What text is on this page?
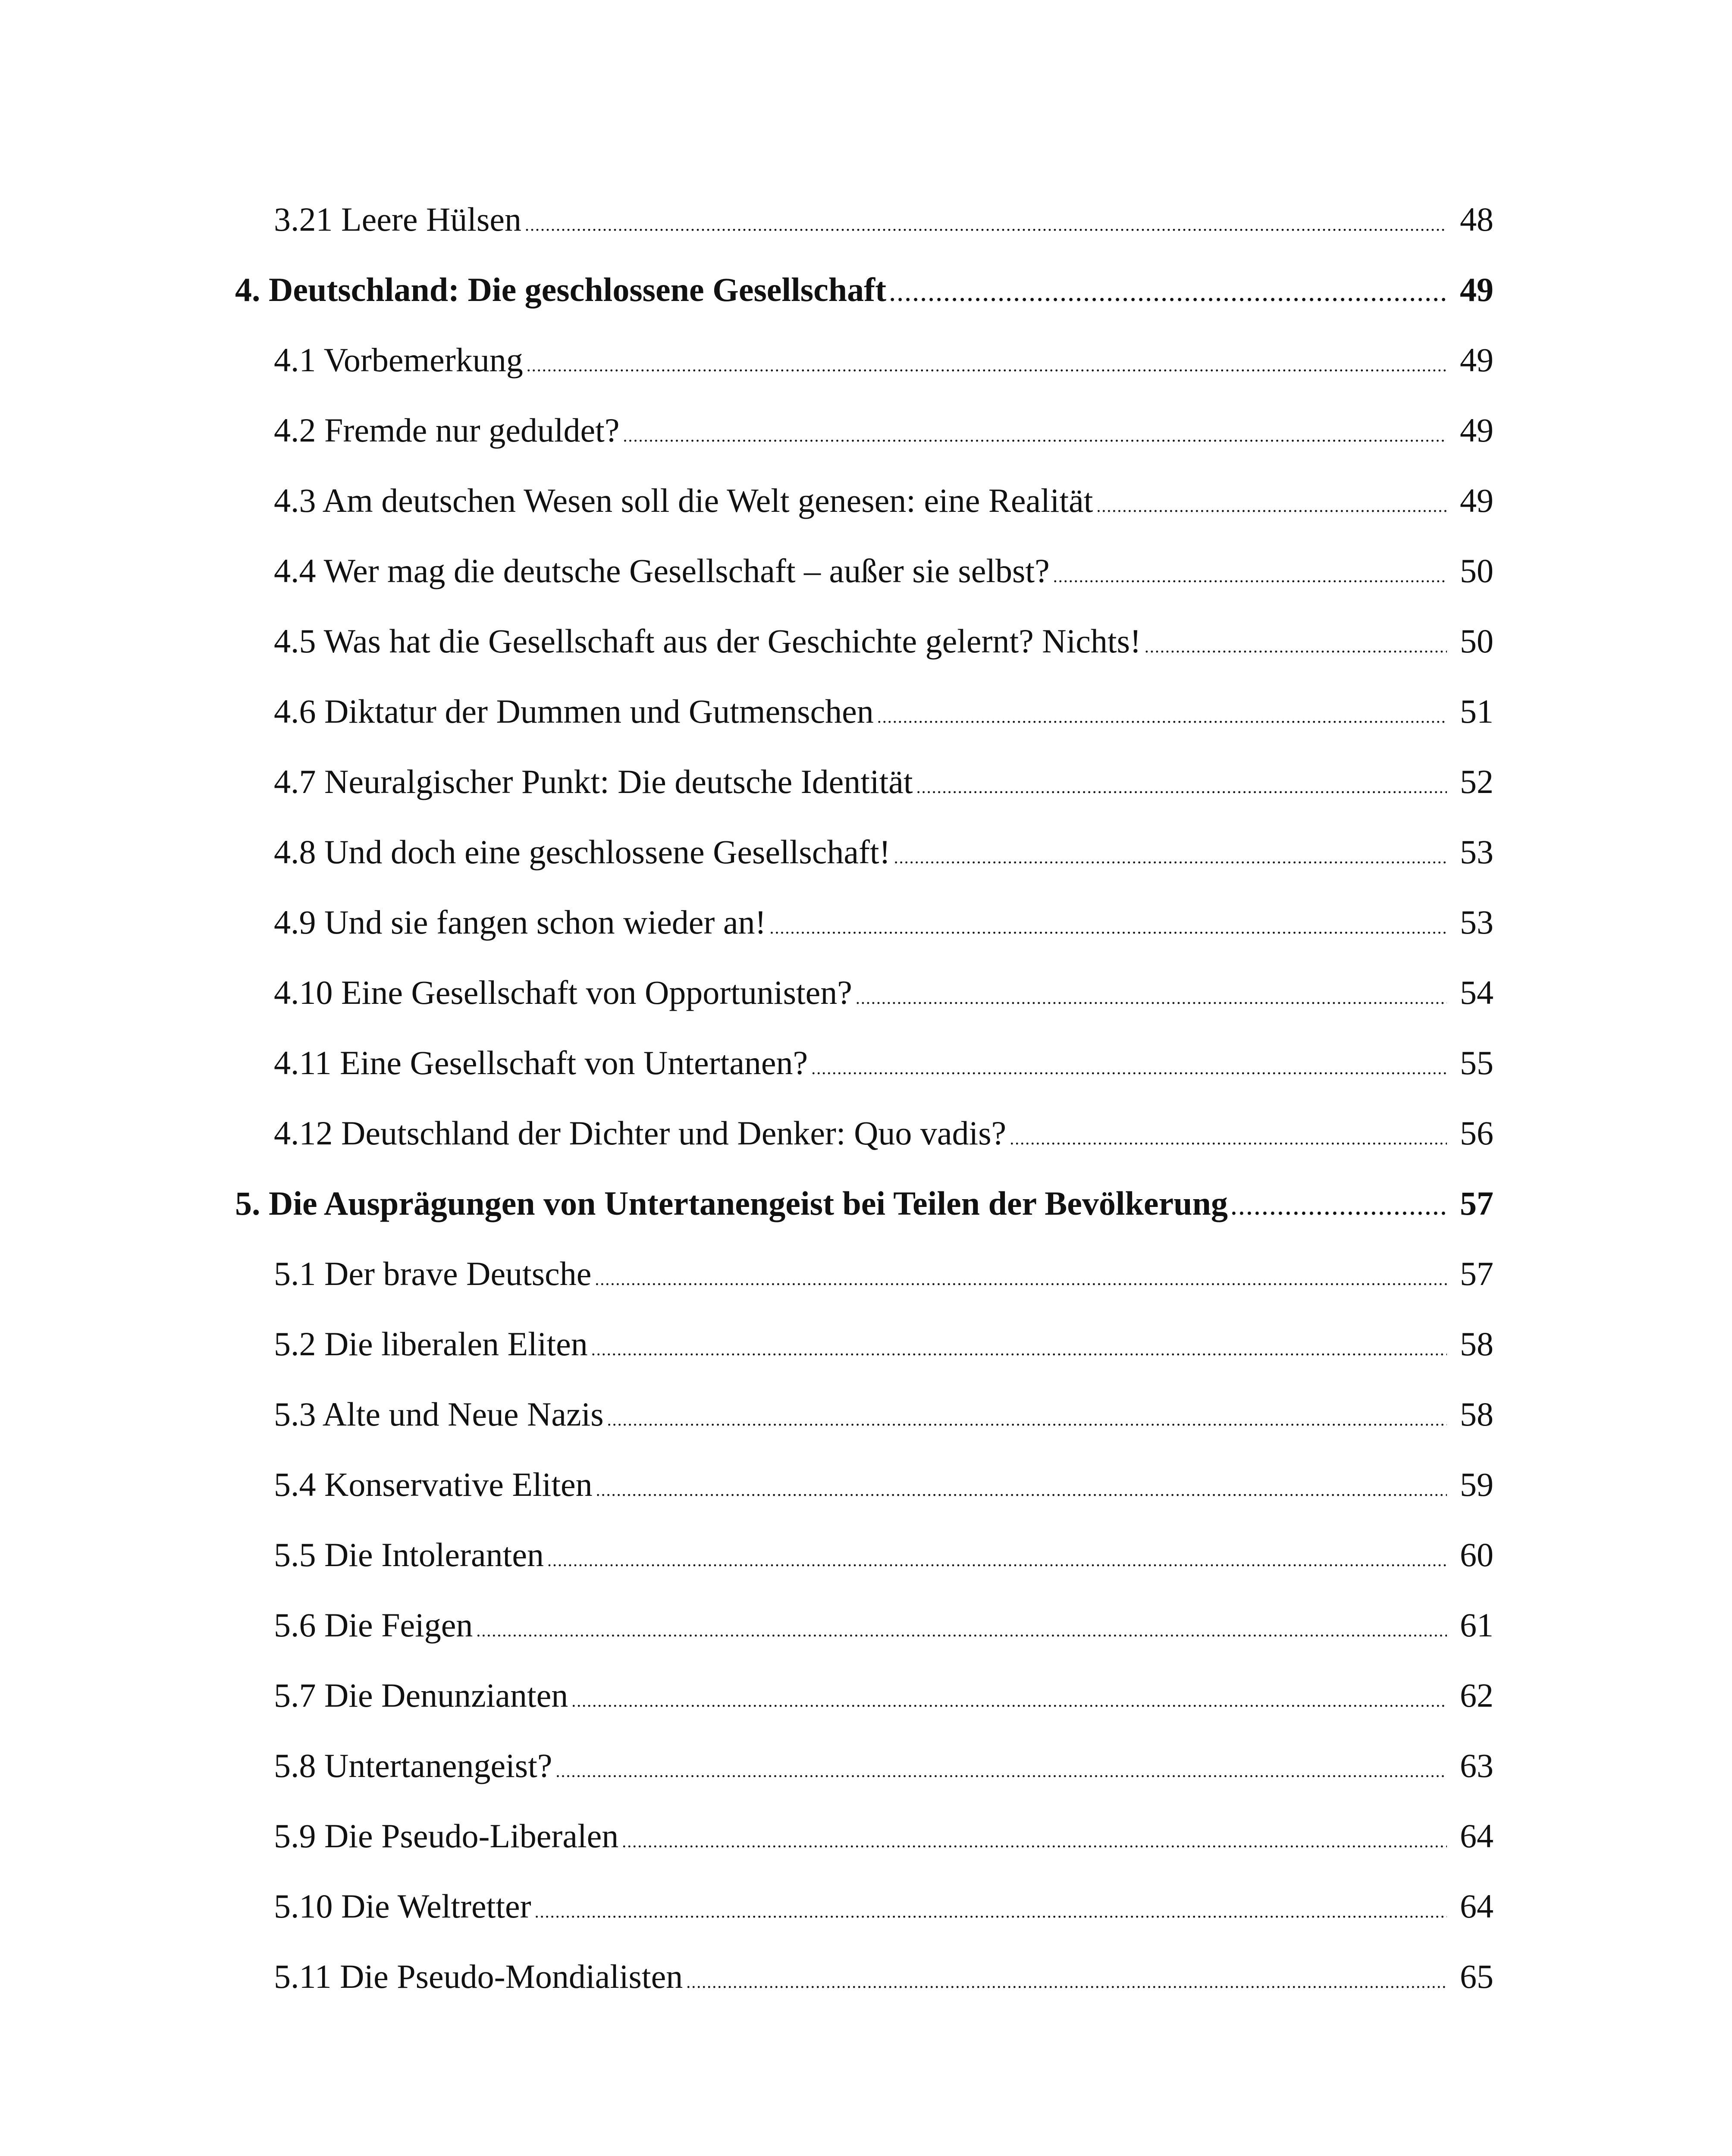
3.21 Leere Hülsen .....	48
4. Deutschland: Die geschlossene Gesellschaft .....	49
4.1 Vorbemerkung .....	49
4.2 Fremde nur geduldet? .....	49
4.3 Am deutschen Wesen soll die Welt genesen: eine Realität .....	49
4.4 Wer mag die deutsche Gesellschaft – außer sie selbst? .....	50
4.5 Was hat die Gesellschaft aus der Geschichte gelernt? Nichts! .....	50
4.6 Diktatur der Dummen und Gutmenschen .....	51
4.7 Neuralgischer Punkt: Die deutsche Identität .....	52
4.8 Und doch eine geschlossene Gesellschaft! .....	53
4.9 Und sie fangen schon wieder an! .....	53
4.10 Eine Gesellschaft von Opportunisten? .....	54
4.11 Eine Gesellschaft von Untertanen? .....	55
4.12 Deutschland der Dichter und Denker: Quo vadis? .....	56
5. Die Ausprägungen von Untertanengeist bei Teilen der Bevölkerung .....	57
5.1 Der brave Deutsche .....	57
5.2 Die liberalen Eliten .....	58
5.3 Alte und Neue Nazis .....	58
5.4 Konservative Eliten .....	59
5.5 Die Intoleranten .....	60
5.6 Die Feigen .....	61
5.7 Die Denunzianten .....	62
5.8 Untertanengeist? .....	63
5.9 Die Pseudo-Liberalen .....	64
5.10 Die Weltretter .....	64
5.11 Die Pseudo-Mondialisten .....	65
